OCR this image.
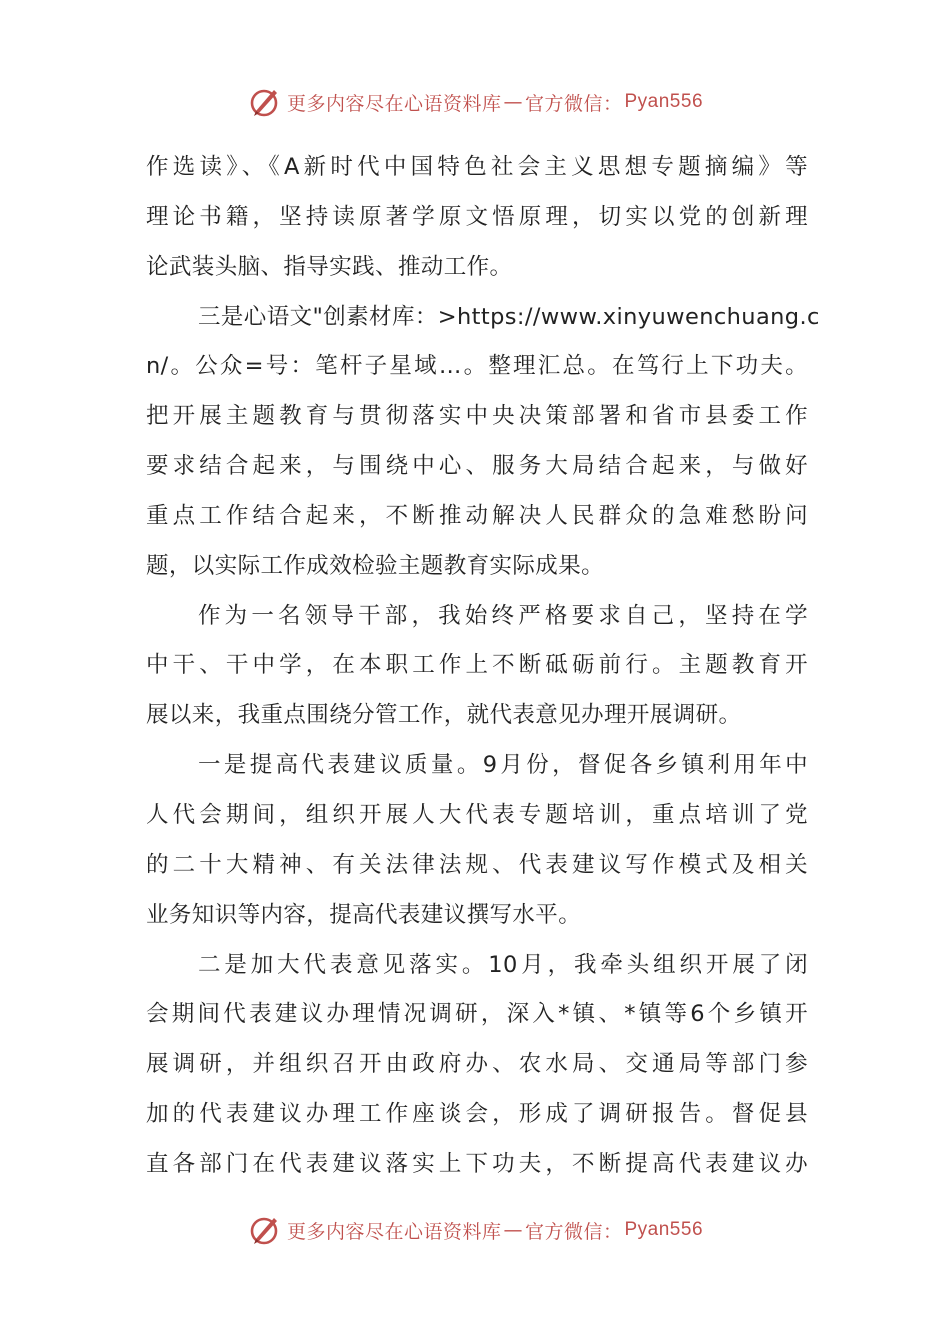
更多内容尽在心语资料库 — 官方微信： Pyan556
作选读》、《A新时代中国特色社会主义思想专题摘编》等
理论书籍，坚持读原著学原文悟原理，切实以党的创新理
论武装头脑、指导实践、推动工作。
三是心语文"创素材库：>https://www.xinyuwenchuang.c
n/。公众=号：笔杆子星域…。整理汇总。在笃行上下功夫。
把开展主题教育与贯彻落实中央决策部署和省市县委工作
要求结合起来，与围绕中心、服务大局结合起来，与做好
重点工作结合起来，不断推动解决人民群众的急难愁盼问
题，以实际工作成效检验主题教育实际成果。
作为一名领导干部，我始终严格要求自己，坚持在学
中干、干中学，在本职工作上不断砥砺前行。主题教育开
展以来，我重点围绕分管工作，就代表意见办理开展调研。
一是提高代表建议质量。9月份，督促各乡镇利用年中
人代会期间，组织开展人大代表专题培训，重点培训了党
的二十大精神、有关法律法规、代表建议写作模式及相关
业务知识等内容，提高代表建议撰写水平。
二是加大代表意见落实。10月，我牵头组织开展了闭
会期间代表建议办理情况调研，深入*镇、*镇等6个乡镇开
展调研，并组织召开由政府办、农水局、交通局等部门参
加的代表建议办理工作座谈会，形成了调研报告。督促县
直各部门在代表建议落实上下功夫，不断提高代表建议办
更多内容尽在心语资料库 — 官方微信： Pyan556
